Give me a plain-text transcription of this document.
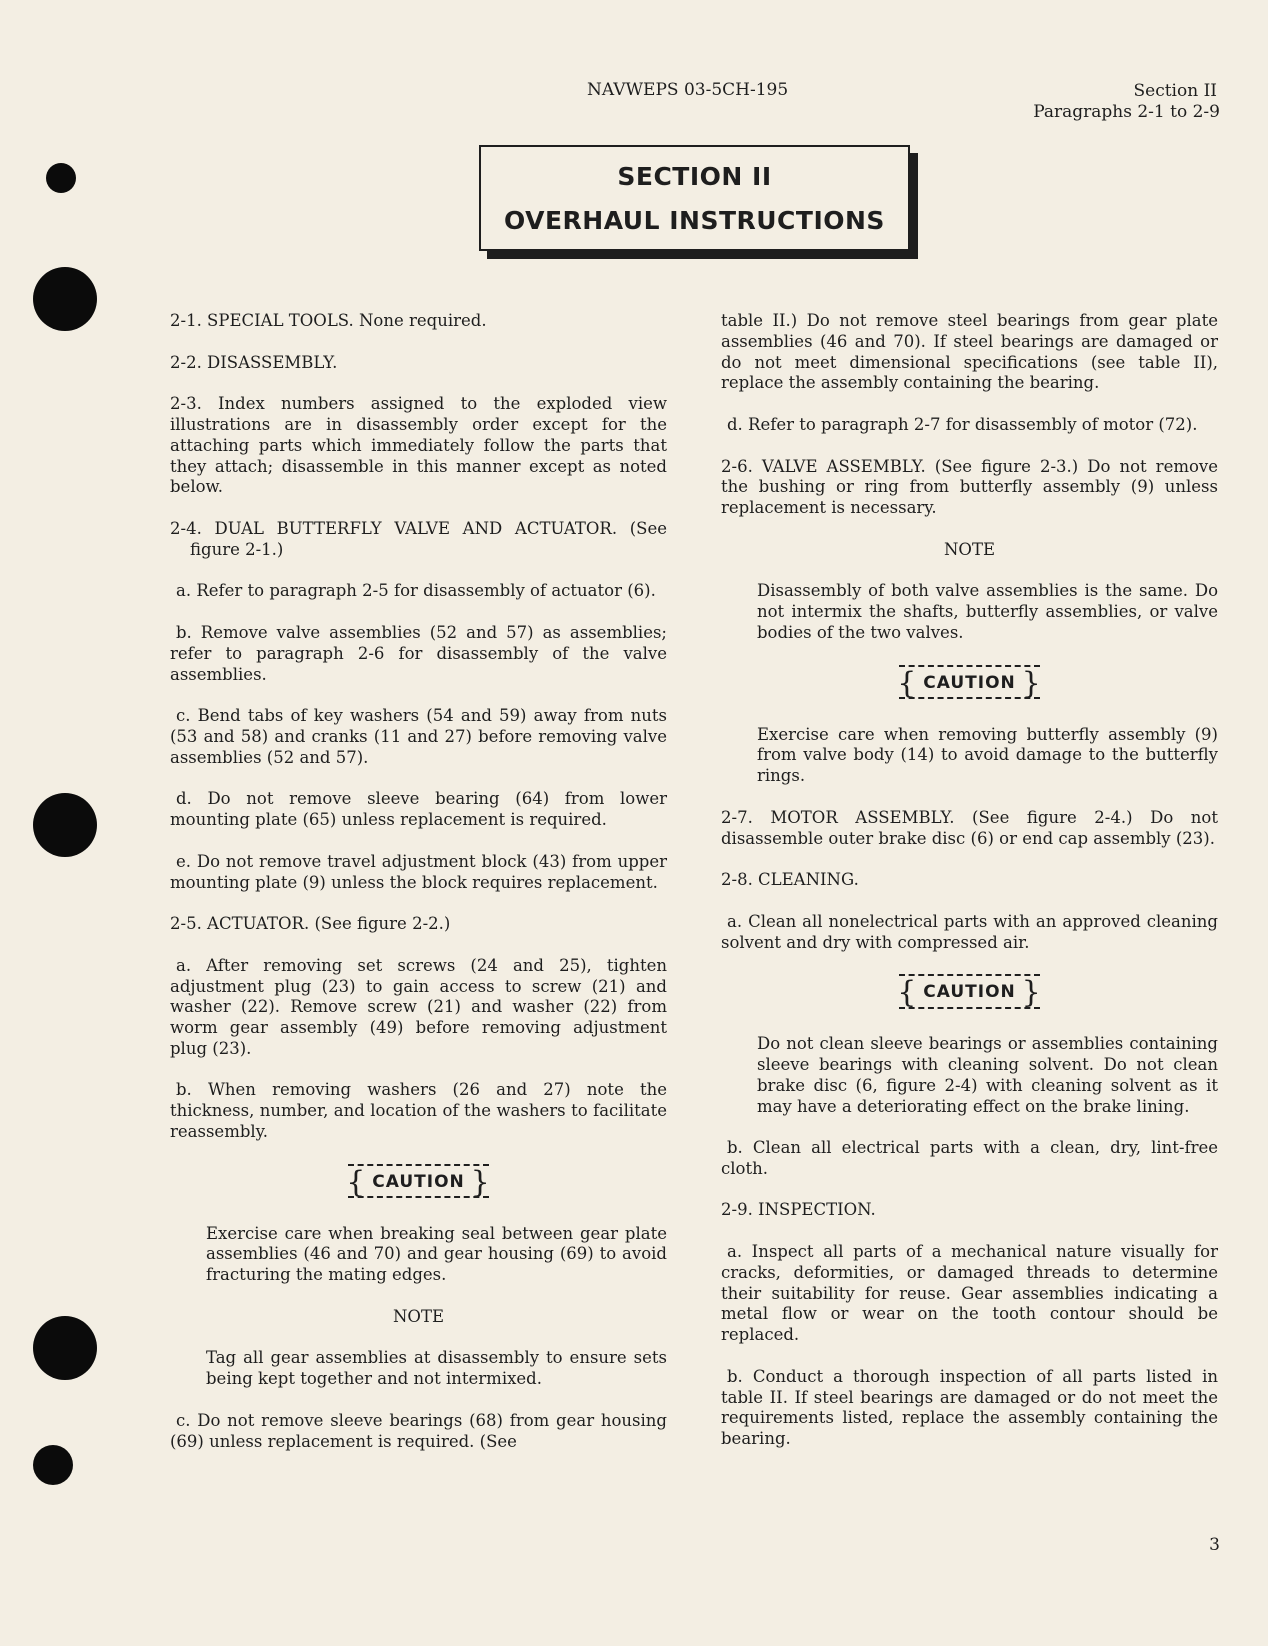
NAVWEPS 03-5CH-195	Section II
Paragraphs 2-1 to 2-9
SECTION II
OVERHAUL INSTRUCTIONS

2-1. SPECIAL TOOLS. None required.

2-2. DISASSEMBLY.

2-3. Index numbers assigned to the exploded view illustrations are in disassembly order except for the attaching parts which immediately follow the parts that they attach; disassemble in this manner except as noted below.

2-4. DUAL BUTTERFLY VALVE AND ACTUATOR. (See figure 2-1.)

a. Refer to paragraph 2-5 for disassembly of actuator (6).

b. Remove valve assemblies (52 and 57) as assemblies; refer to paragraph 2-6 for disassembly of the valve assemblies.

c. Bend tabs of key washers (54 and 59) away from nuts (53 and 58) and cranks (11 and 27) before removing valve assemblies (52 and 57).

d. Do not remove sleeve bearing (64) from lower mounting plate (65) unless replacement is required.

e. Do not remove travel adjustment block (43) from upper mounting plate (9) unless the block requires replacement.

2-5. ACTUATOR. (See figure 2-2.)

a. After removing set screws (24 and 25), tighten adjustment plug (23) to gain access to screw (21) and washer (22). Remove screw (21) and washer (22) from worm gear assembly (49) before removing adjustment plug (23).

b. When removing washers (26 and 27) note the thickness, number, and location of the washers to facilitate reassembly.

{ CAUTION }

Exercise care when breaking seal between gear plate assemblies (46 and 70) and gear housing (69) to avoid fracturing the mating edges.

NOTE

Tag all gear assemblies at disassembly to ensure sets being kept together and not intermixed.

c. Do not remove sleeve bearings (68) from gear housing (69) unless replacement is required. (See

table II.) Do not remove steel bearings from gear plate assemblies (46 and 70). If steel bearings are damaged or do not meet dimensional specifications (see table II), replace the assembly containing the bearing.

d. Refer to paragraph 2-7 for disassembly of motor (72).

2-6. VALVE ASSEMBLY. (See figure 2-3.) Do not remove the bushing or ring from butterfly assembly (9) unless replacement is necessary.

NOTE

Disassembly of both valve assemblies is the same. Do not intermix the shafts, butterfly assemblies, or valve bodies of the two valves.

{ CAUTION }

Exercise care when removing butterfly assembly (9) from valve body (14) to avoid damage to the butterfly rings.

2-7. MOTOR ASSEMBLY. (See figure 2-4.) Do not disassemble outer brake disc (6) or end cap assembly (23).

2-8. CLEANING.

a. Clean all nonelectrical parts with an approved cleaning solvent and dry with compressed air.

{ CAUTION }

Do not clean sleeve bearings or assemblies containing sleeve bearings with cleaning solvent. Do not clean brake disc (6, figure 2-4) with cleaning solvent as it may have a deteriorating effect on the brake lining.

b. Clean all electrical parts with a clean, dry, lint-free cloth.

2-9. INSPECTION.

a. Inspect all parts of a mechanical nature visually for cracks, deformities, or damaged threads to determine their suitability for reuse. Gear assemblies indicating a metal flow or wear on the tooth contour should be replaced.

b. Conduct a thorough inspection of all parts listed in table II. If steel bearings are damaged or do not meet the requirements listed, replace the assembly containing the bearing.

3
